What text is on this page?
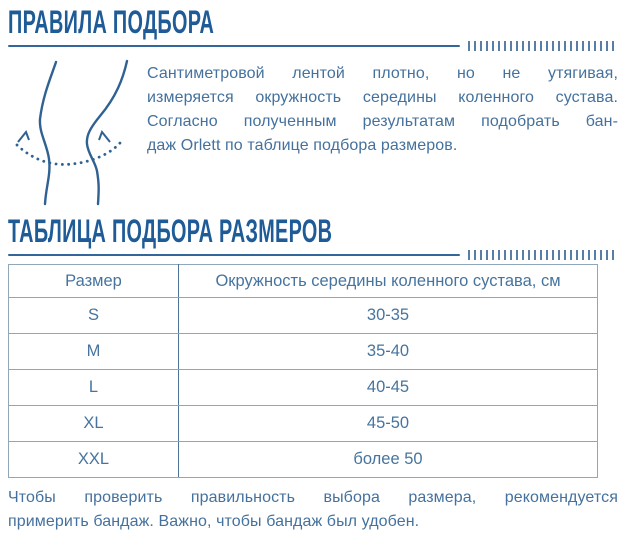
ПРАВИЛА ПОДБОРА
Сантиметровой лентой плотно, но не утягивая,
измеряется окружность середины коленного сустава.
Согласно полученным результатам подобрать бан-
даж Orlett по таблице подбора размеров.
ТАБЛИЦА ПОДБОРА РАЗМЕРОВ
Размер	Окружность середины коленного сустава, см
S	30-35
M	35-40
L	40-45
XL	45-50
XXL	более 50
Чтобы проверить правильность выбора размера, рекомендуется
примерить бандаж. Важно, чтобы бандаж был удобен.
